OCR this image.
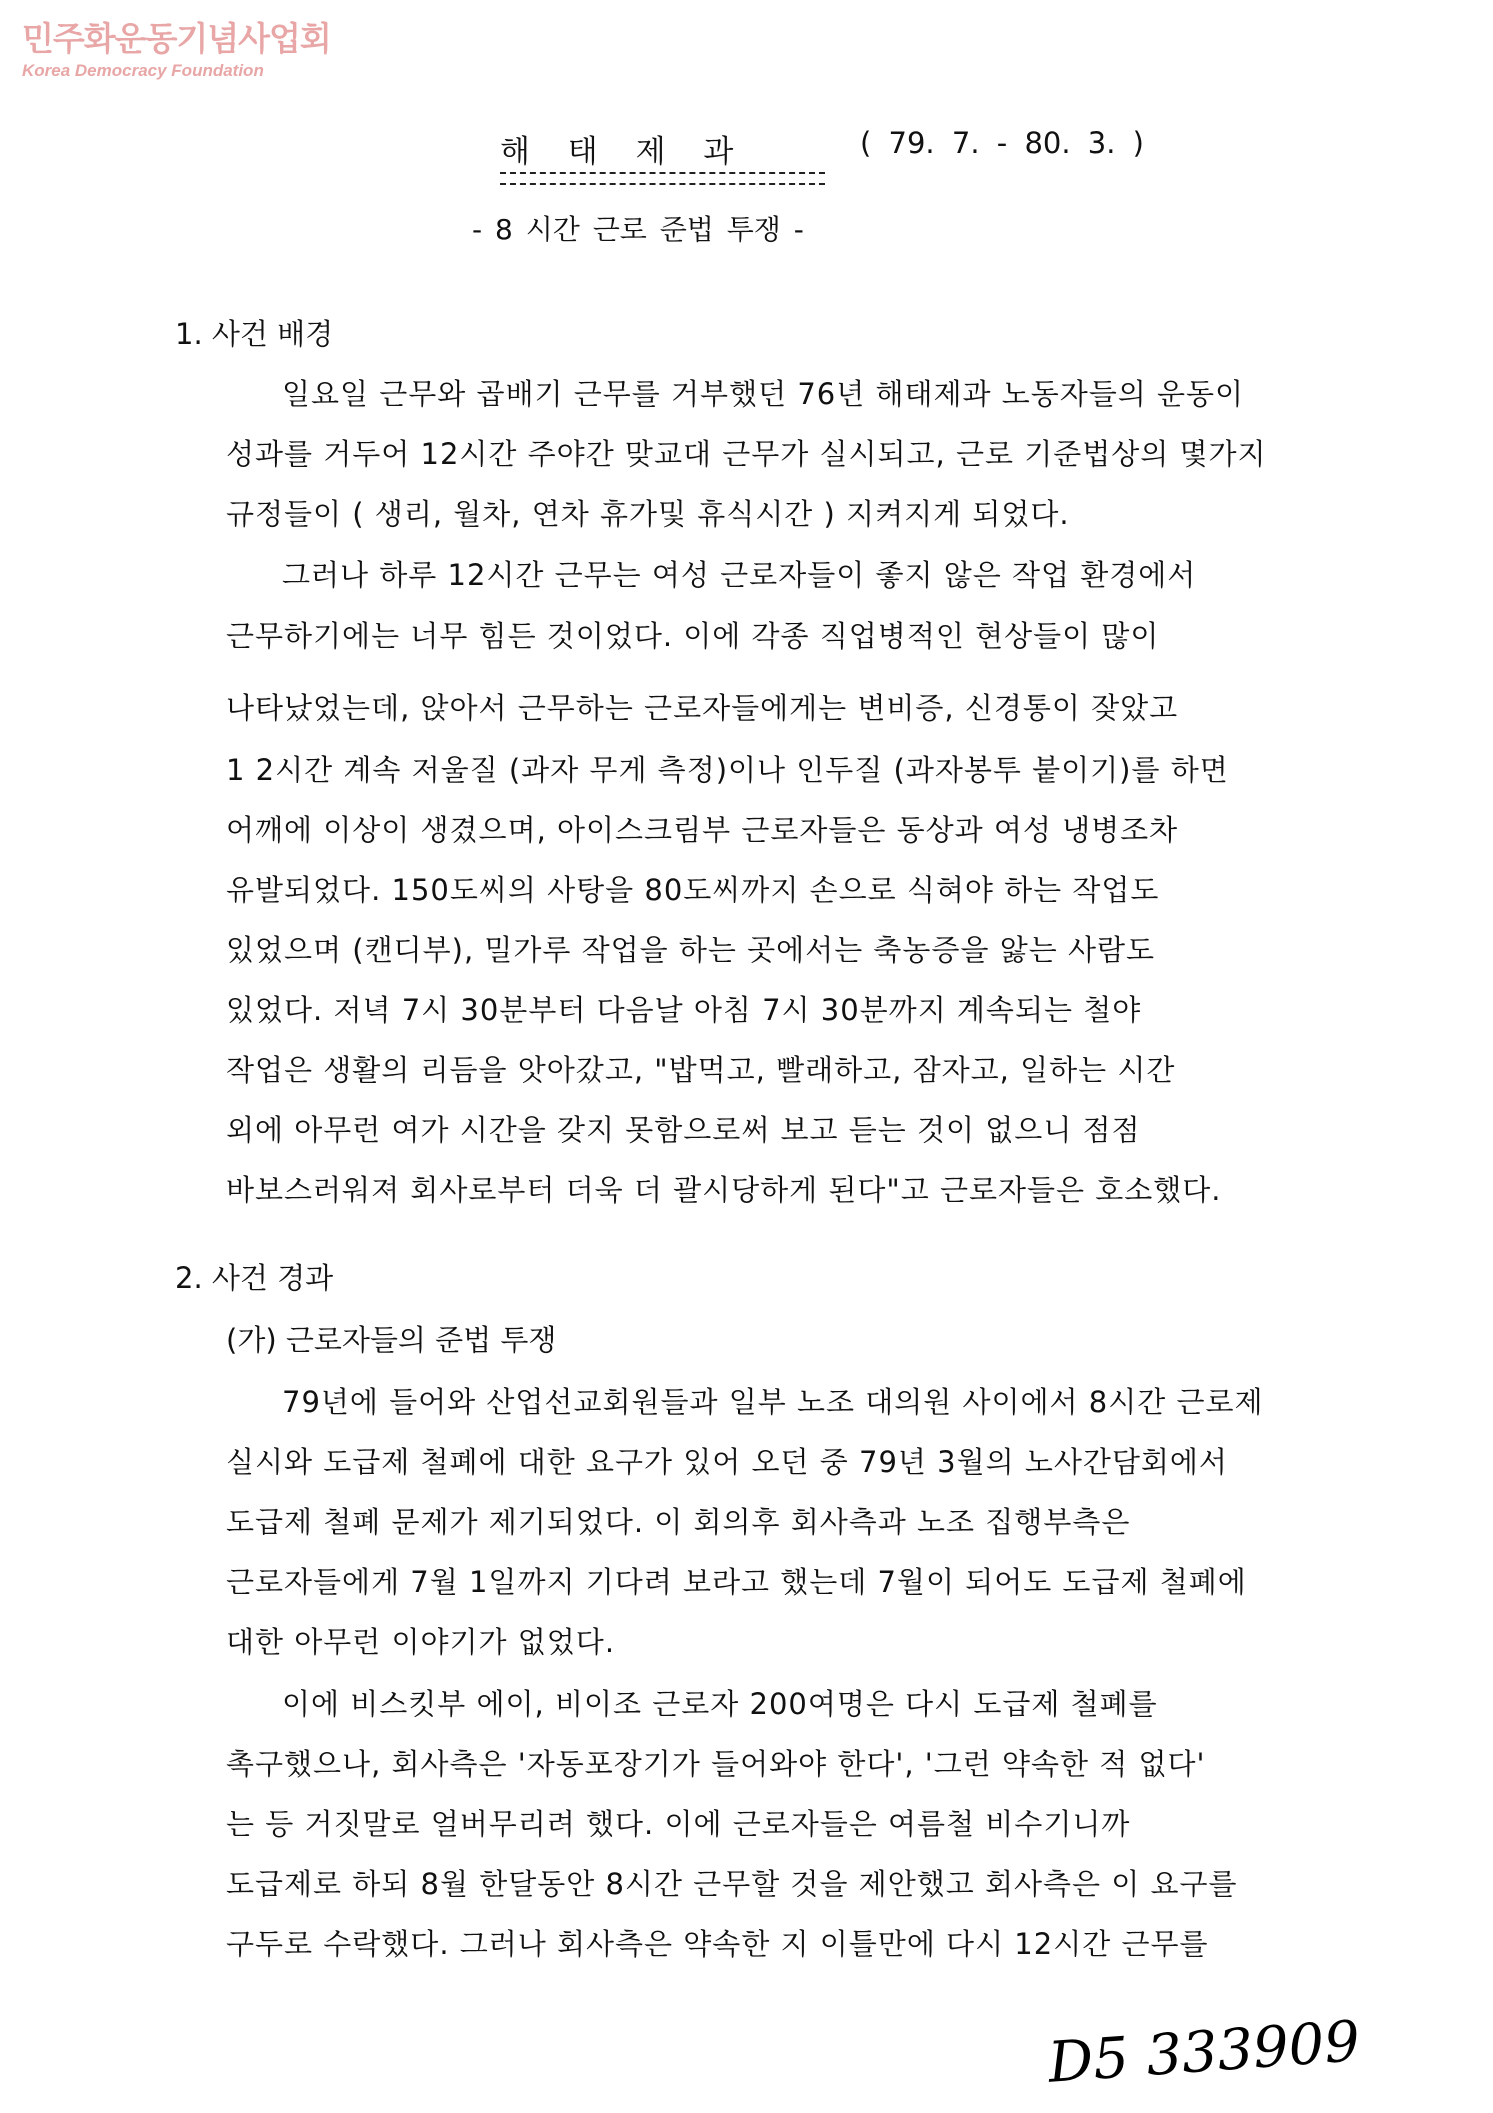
민주화운동기념사업회
Korea Democracy Foundation
해 태 제 과	( 79. 7. - 80. 3. )
- 8 시간 근로 준법 투쟁 -
1. 사건 배경
일요일 근무와 곱배기 근무를 거부했던 76년 해태제과 노동자들의 운동이
성과를 거두어 12시간 주야간 맞교대 근무가 실시되고, 근로 기준법상의 몇가지
규정들이 ( 생리, 월차, 연차 휴가및 휴식시간 ) 지켜지게 되었다.
그러나 하루 12시간 근무는 여성 근로자들이 좋지 않은 작업 환경에서
근무하기에는 너무 힘든 것이었다. 이에 각종 직업병적인 현상들이 많이
나타났었는데, 앉아서 근무하는 근로자들에게는 변비증, 신경통이 잦았고
1 2시간 계속 저울질 (과자 무게 측정)이나 인두질 (과자봉투 붙이기)를 하면
어깨에 이상이 생겼으며, 아이스크림부 근로자들은 동상과 여성 냉병조차
유발되었다. 150도씨의 사탕을 80도씨까지 손으로 식혀야 하는 작업도
있었으며 (캔디부), 밀가루 작업을 하는 곳에서는 축농증을 앓는 사람도
있었다. 저녁 7시 30분부터 다음날 아침 7시 30분까지 계속되는 철야
작업은 생활의 리듬을 앗아갔고, "밥먹고, 빨래하고, 잠자고, 일하는 시간
외에 아무런 여가 시간을 갖지 못함으로써 보고 듣는 것이 없으니 점점
바보스러워져 회사로부터 더욱 더 괄시당하게 된다"고 근로자들은 호소했다.
2. 사건 경과
(가) 근로자들의 준법 투쟁
79년에 들어와 산업선교회원들과 일부 노조 대의원 사이에서 8시간 근로제
실시와 도급제 철폐에 대한 요구가 있어 오던 중 79년 3월의 노사간담회에서
도급제 철폐 문제가 제기되었다. 이 회의후 회사측과 노조 집행부측은
근로자들에게 7월 1일까지 기다려 보라고 했는데 7월이 되어도 도급제 철폐에
대한 아무런 이야기가 없었다.
이에 비스킷부 에이, 비이조 근로자 200여명은 다시 도급제 철폐를
촉구했으나, 회사측은 '자동포장기가 들어와야 한다', '그런 약속한 적 없다'
는 등 거짓말로 얼버무리려 했다. 이에 근로자들은 여름철 비수기니까
도급제로 하되 8월 한달동안 8시간 근무할 것을 제안했고 회사측은 이 요구를
구두로 수락했다. 그러나 회사측은 약속한 지 이틀만에 다시 12시간 근무를
D5 333909
